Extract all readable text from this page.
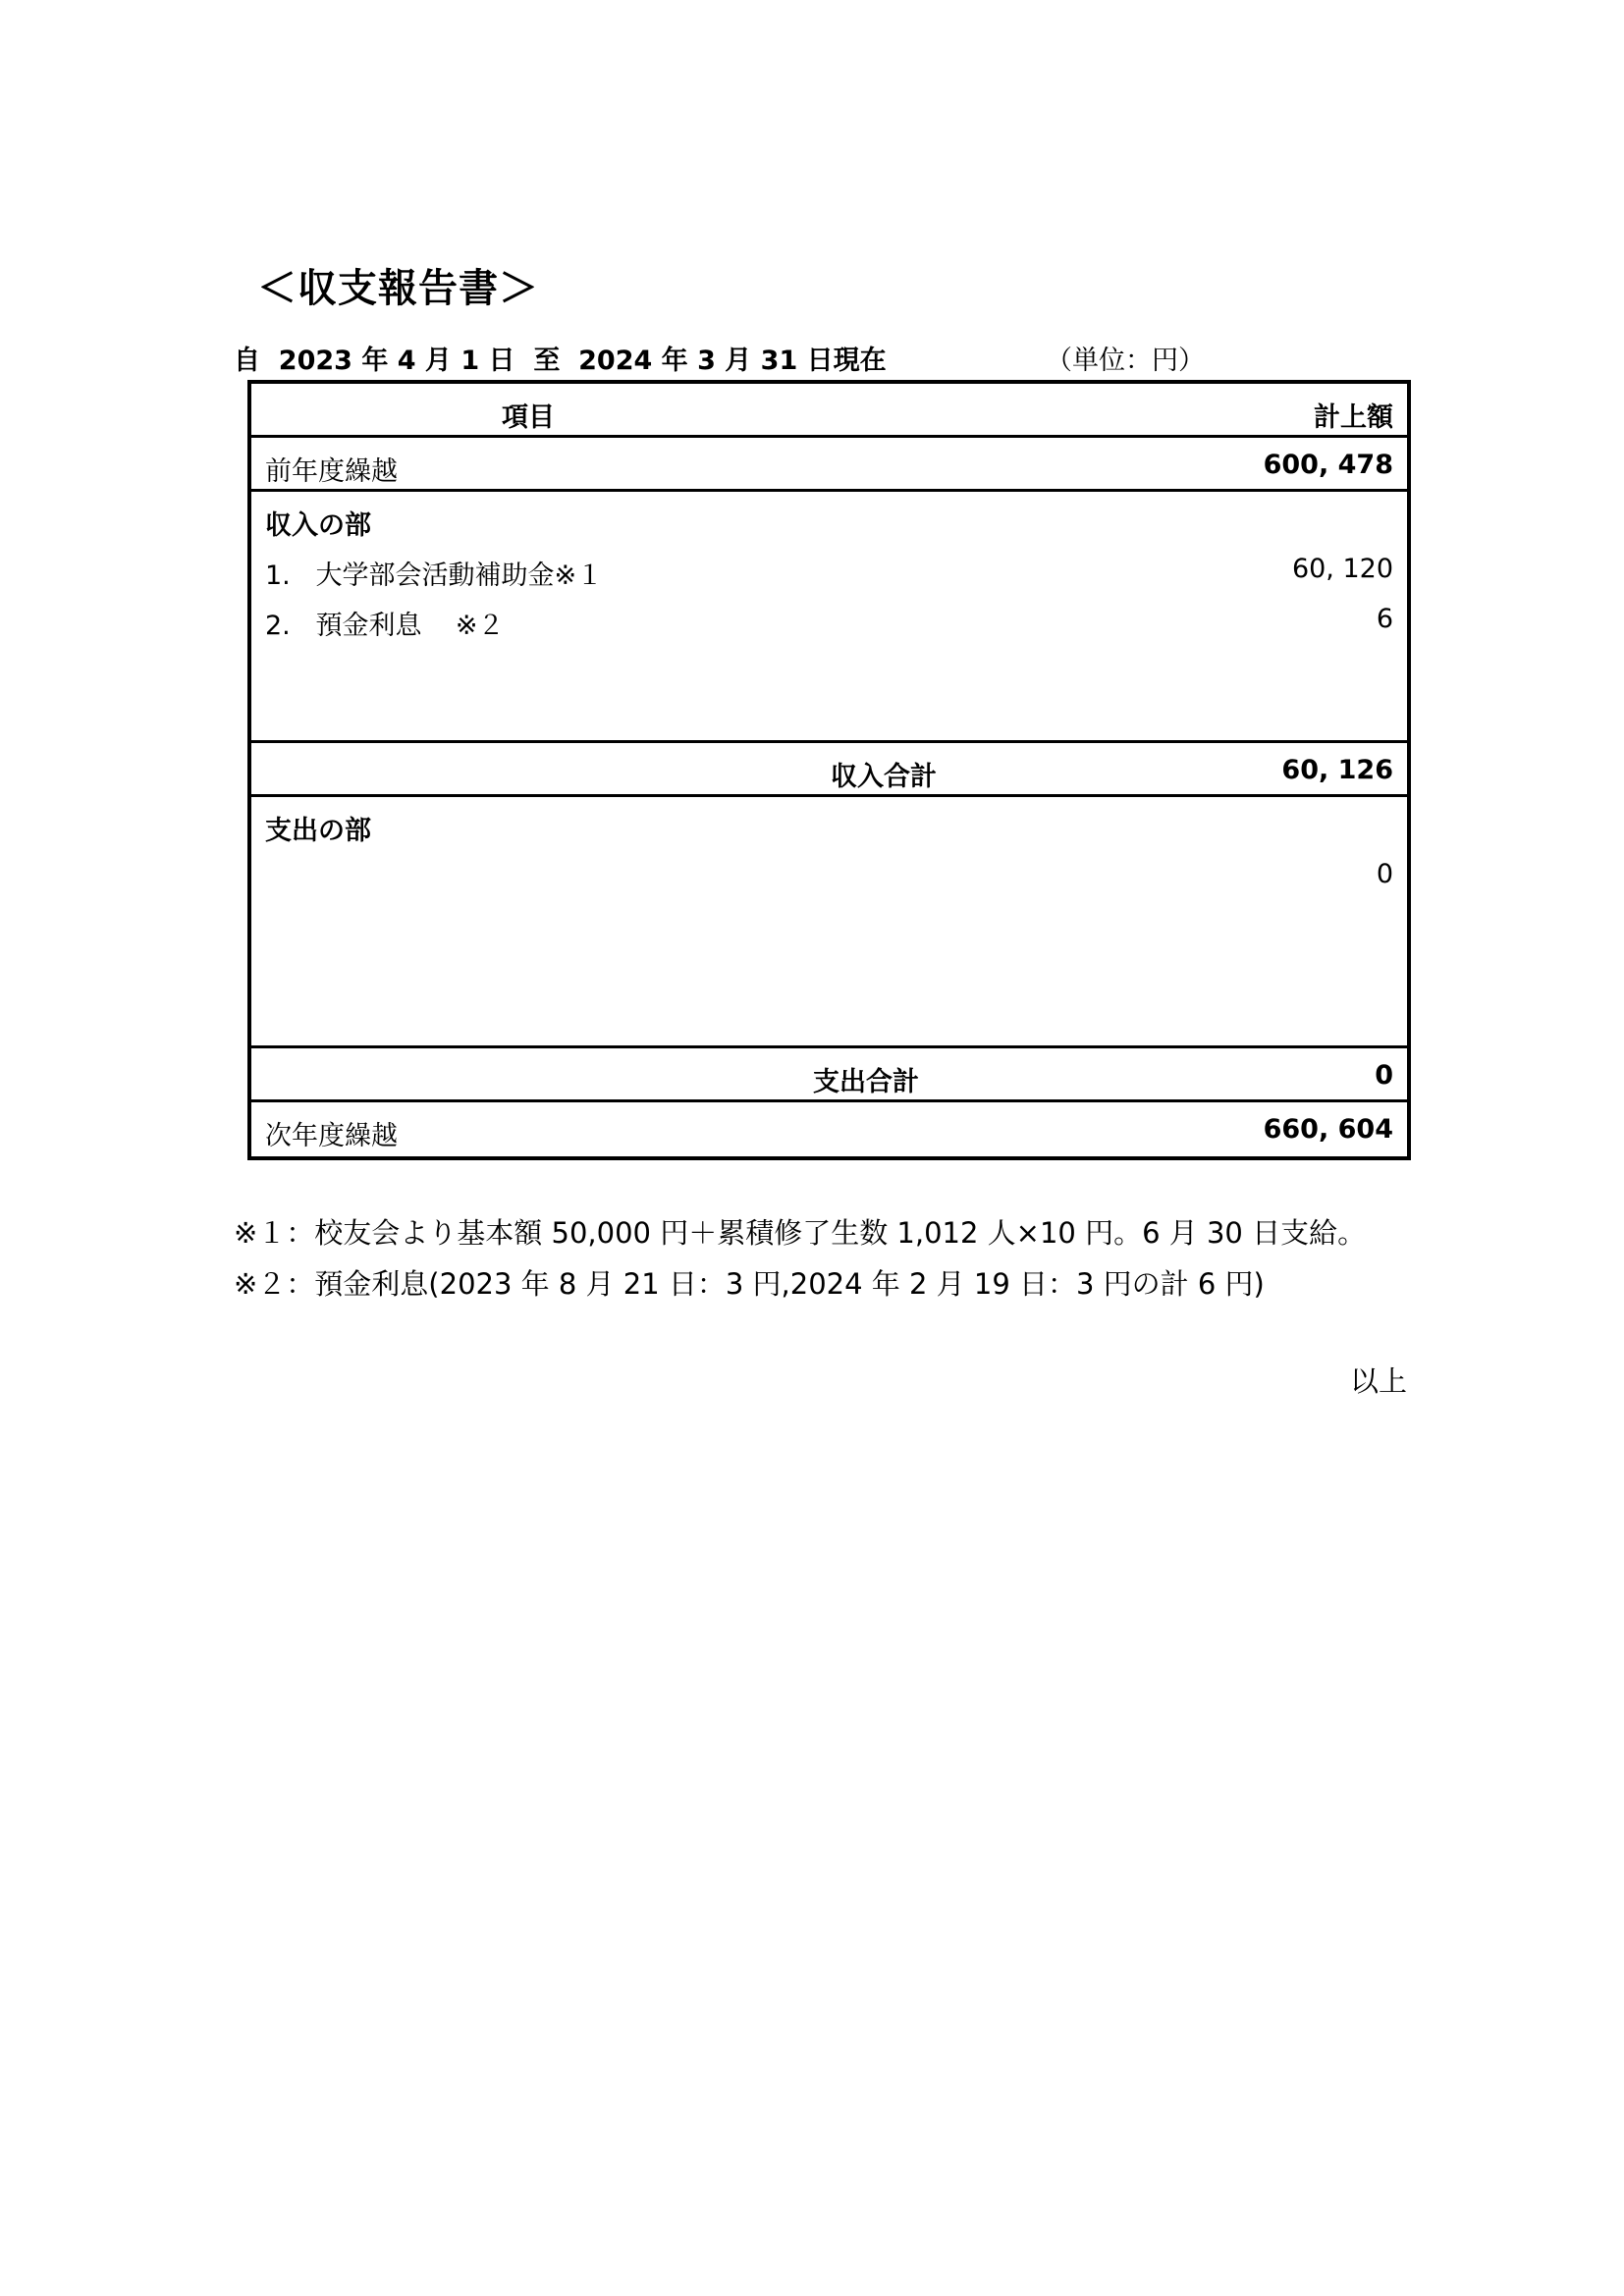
＜収支報告書＞
自  2023 年 4 月 1 日  至  2024 年 3 月 31 日現在	（単位：円）
項目	計上額
前年度繰越	600, 478
収入の部
1.   大学部会活動補助金※１	60, 120
2.   預金利息    ※２	6
収入合計	60, 126
支出の部
0
支出合計	0
次年度繰越	660, 604
※１：校友会より基本額 50,000 円＋累積修了生数 1,012 人×10 円。6 月 30 日支給。
※２：預金利息(2023 年 8 月 21 日：3 円,2024 年 2 月 19 日：3 円の計 6 円)
以上
